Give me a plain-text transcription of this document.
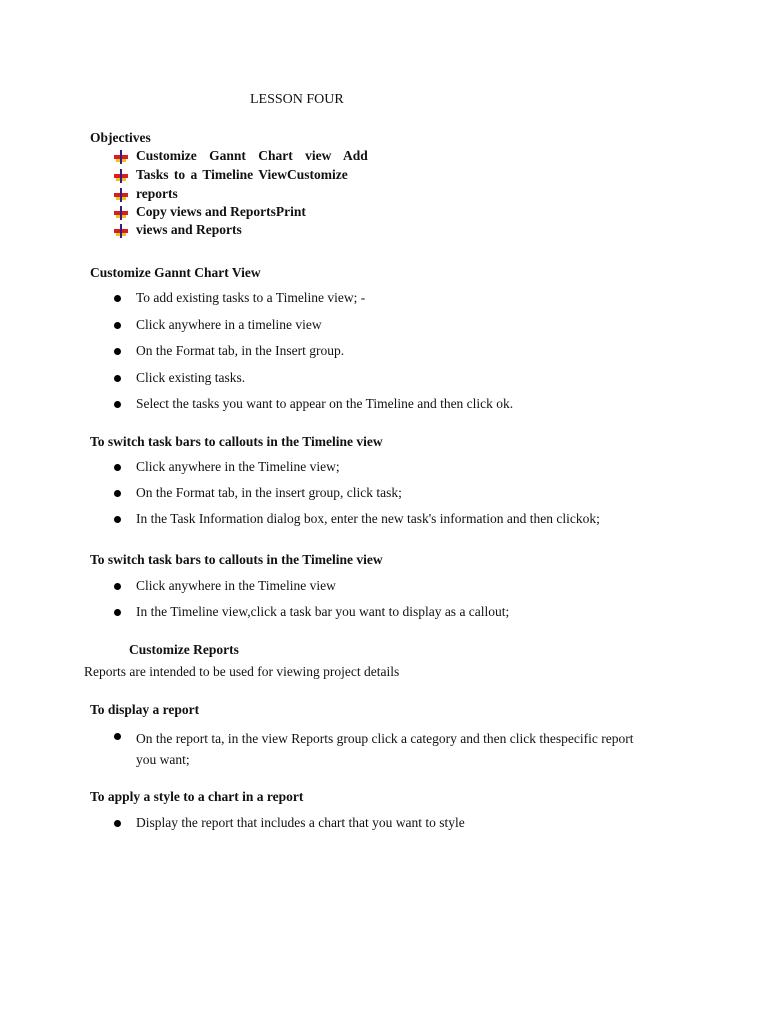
LESSON FOUR
Objectives
Customize Gannt Chart view Add
Tasks to a Timeline ViewCustomize
reports
Copy views and ReportsPrint
views and Reports
Customize Gannt Chart View
To add existing tasks to a Timeline view; -
Click anywhere in a timeline view
On the Format tab, in the Insert group.
Click existing tasks.
Select the tasks you want to appear on the Timeline and then click ok.
To switch task bars to callouts in the Timeline view
Click anywhere in the Timeline view;
On the Format tab, in the insert group, click task;
In the Task Information dialog box, enter the new task's information and then clickok;
To switch task bars to callouts in the Timeline view
Click anywhere in the Timeline view
In the Timeline view,click a task bar you want to display as a callout;
Customize Reports
Reports are intended to be used for viewing project details
To display a report
On the report ta, in the view Reports group click a category and then click thespecific report you want;
To apply a style to a chart in a report
Display the report that includes a chart that you want to style
